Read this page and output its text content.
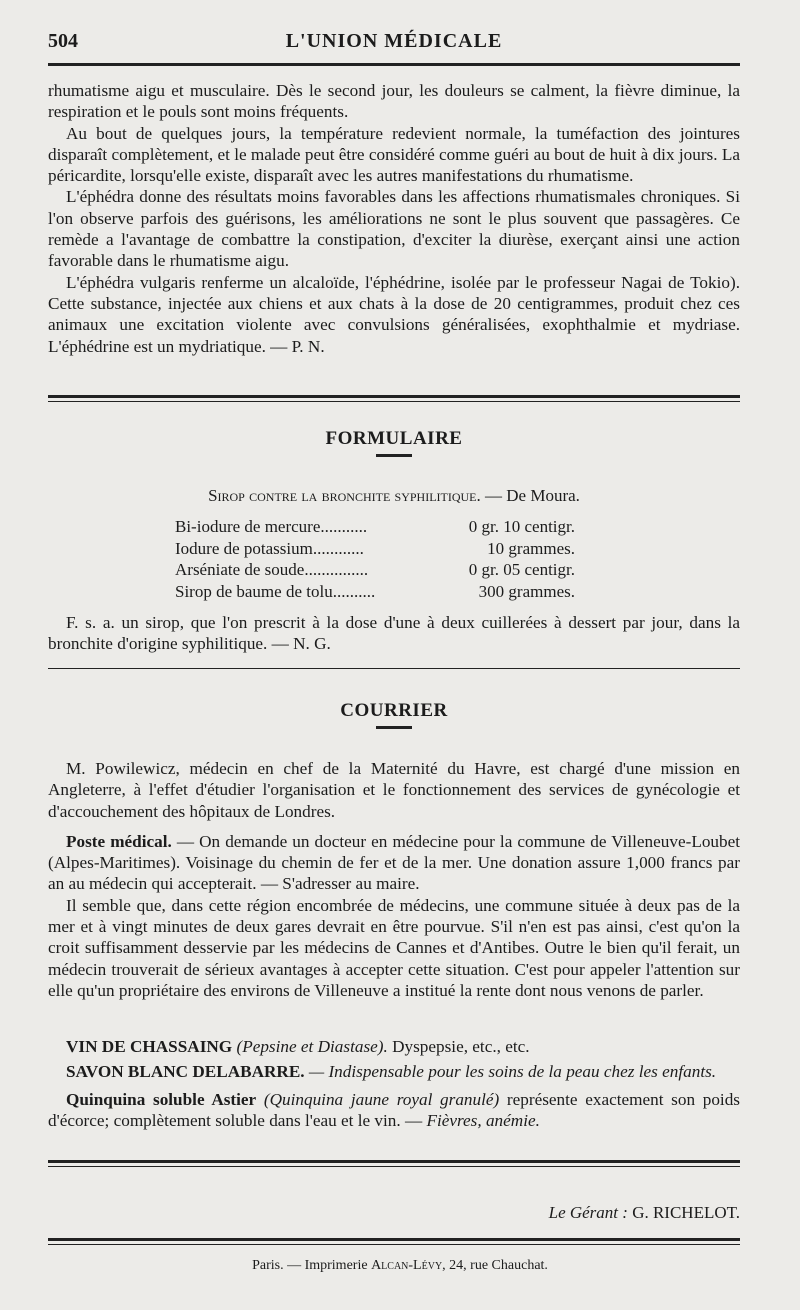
504	L'UNION MÉDICALE

rhumatisme aigu et musculaire. Dès le second jour, les douleurs se calment, la fièvre diminue, la respiration et le pouls sont moins fréquents.

Au bout de quelques jours, la température redevient normale, la tuméfaction des jointures disparaît complètement, et le malade peut être considéré comme guéri au bout de huit à dix jours. La péricardite, lorsqu'elle existe, disparaît avec les autres manifestations du rhumatisme.

L'éphédra donne des résultats moins favorables dans les affections rhumatismales chroniques. Si l'on observe parfois des guérisons, les améliorations ne sont le plus souvent que passagères. Ce remède a l'avantage de combattre la constipation, d'exciter la diurèse, exerçant ainsi une action favorable dans le rhumatisme aigu.

L'éphédra vulgaris renferme un alcaloïde, l'éphédrine, isolée par le professeur Nagai de Tokio). Cette substance, injectée aux chiens et aux chats à la dose de 20 centigrammes, produit chez ces animaux une excitation violente avec convulsions généralisées, exophthalmie et mydriase. L'éphédrine est un mydriatique. — P. N.

FORMULAIRE
Sirop contre la bronchite syphilitique. — De Moura.
Bi-iodure de mercure...........	0 gr. 10 centigr.
Iodure de potassium............	10 grammes.
Arséniate de soude...............	0 gr. 05 centigr.
Sirop de baume de tolu..........	300 grammes.

F. s. a. un sirop, que l'on prescrit à la dose d'une à deux cuillerées à dessert par jour, dans la bronchite d'origine syphilitique. — N. G.

COURRIER

M. Powilewicz, médecin en chef de la Maternité du Havre, est chargé d'une mission en Angleterre, à l'effet d'étudier l'organisation et le fonctionnement des services de gynécologie et d'accouchement des hôpitaux de Londres.

Poste médical. — On demande un docteur en médecine pour la commune de Villeneuve-Loubet (Alpes-Maritimes). Voisinage du chemin de fer et de la mer. Une donation assure 1,000 francs par an au médecin qui accepterait. — S'adresser au maire.

Il semble que, dans cette région encombrée de médecins, une commune située à deux pas de la mer et à vingt minutes de deux gares devrait en être pourvue. S'il n'en est pas ainsi, c'est qu'on la croit suffisamment desservie par les médecins de Cannes et d'Antibes. Outre le bien qu'il ferait, un médecin trouverait de sérieux avantages à accepter cette situation. C'est pour appeler l'attention sur elle qu'un propriétaire des environs de Villeneuve a institué la rente dont nous venons de parler.

VIN DE CHASSAING (Pepsine et Diastase). Dyspepsie, etc., etc.

SAVON BLANC DELABARRE. — Indispensable pour les soins de la peau chez les enfants.

Quinquina soluble Astier (Quinquina jaune royal granulé) représente exactement son poids d'écorce; complètement soluble dans l'eau et le vin. — Fièvres, anémie.

Le Gérant : G. RICHELOT.
Paris. — Imprimerie Alcan-Lévy, 24, rue Chauchat.
